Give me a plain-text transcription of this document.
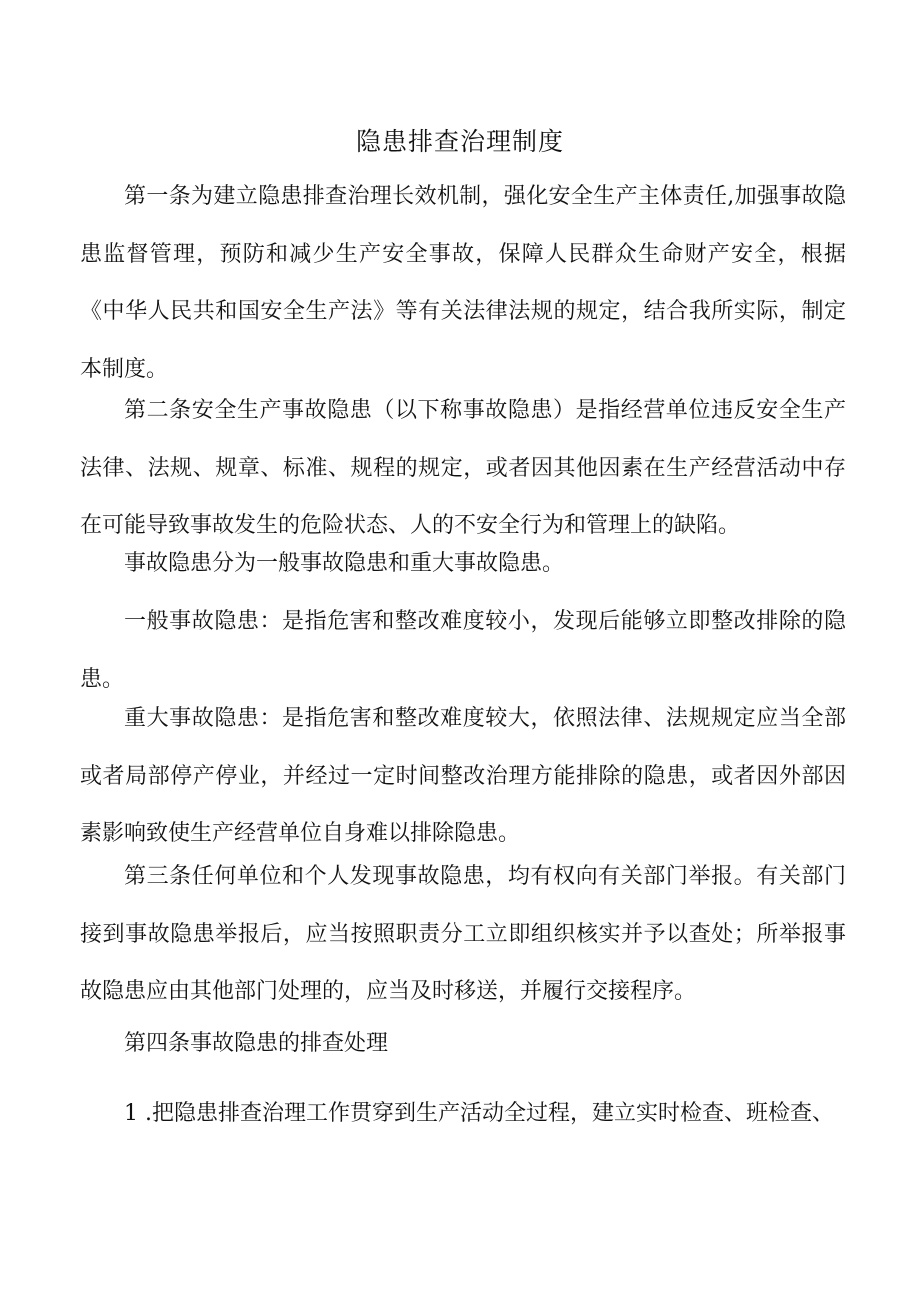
隐患排查治理制度

第一条为建立隐患排查治理长效机制，强化安全生产主体责任,加强事故隐患监督管理，预防和减少生产安全事故，保障人民群众生命财产安全，根据《中华人民共和国安全生产法》等有关法律法规的规定，结合我所实际，制定本制度。

第二条安全生产事故隐患（以下称事故隐患）是指经营单位违反安全生产法律、法规、规章、标准、规程的规定，或者因其他因素在生产经营活动中存在可能导致事故发生的危险状态、人的不安全行为和管理上的缺陷。

事故隐患分为一般事故隐患和重大事故隐患。

一般事故隐患：是指危害和整改难度较小，发现后能够立即整改排除的隐患。

重大事故隐患：是指危害和整改难度较大，依照法律、法规规定应当全部或者局部停产停业，并经过一定时间整改治理方能排除的隐患，或者因外部因素影响致使生产经营单位自身难以排除隐患。

第三条任何单位和个人发现事故隐患，均有权向有关部门举报。有关部门接到事故隐患举报后，应当按照职责分工立即组织核实并予以查处；所举报事故隐患应由其他部门处理的，应当及时移送，并履行交接程序。

第四条事故隐患的排查处理

1 .把隐患排查治理工作贯穿到生产活动全过程，建立实时检查、班检查、
